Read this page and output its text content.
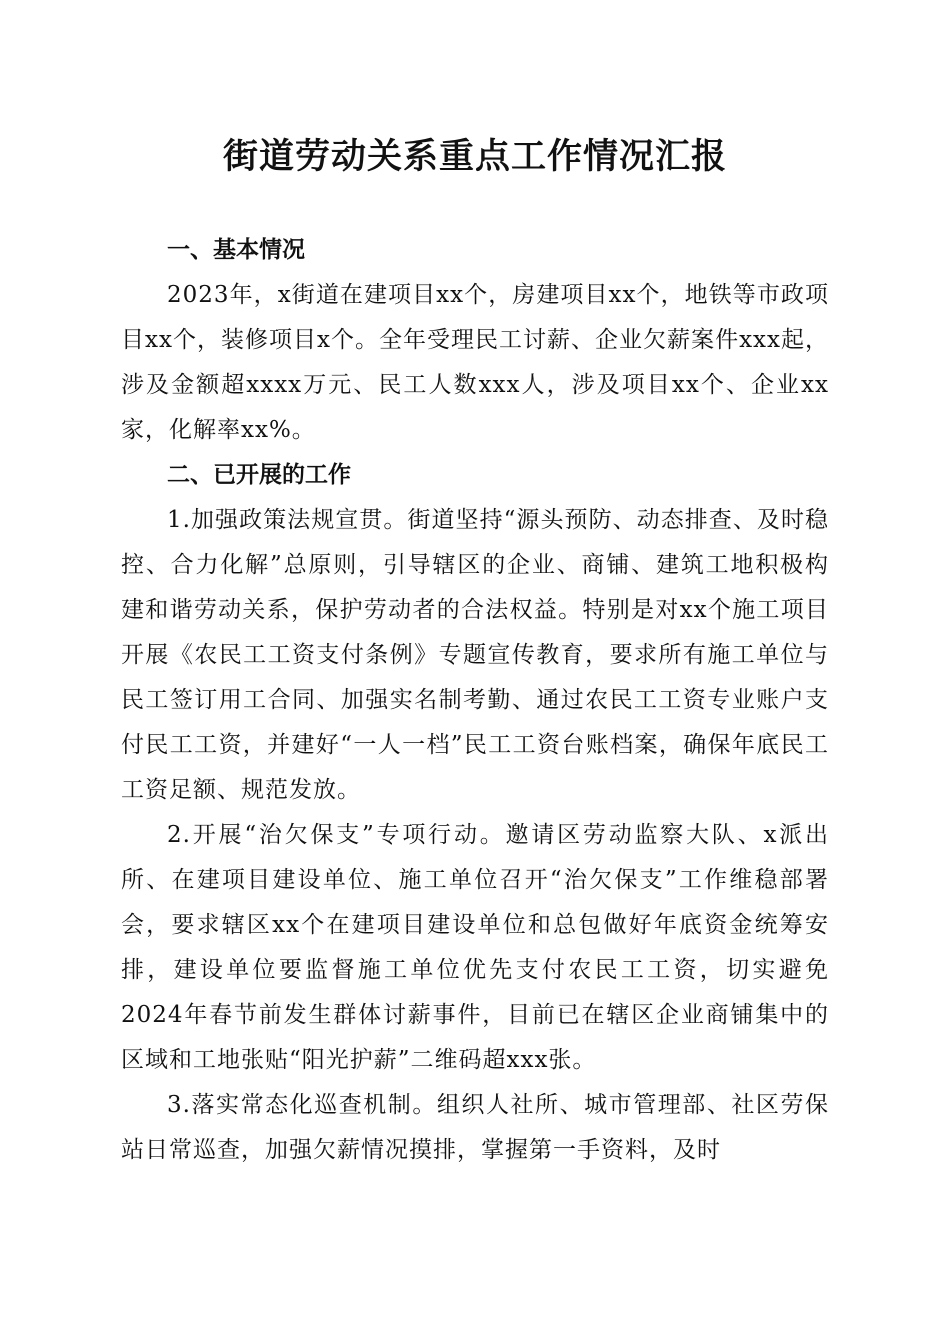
街道劳动关系重点工作情况汇报

一、基本情况

2023年，x街道在建项目xx个，房建项目xx个，地铁等市政项目xx个，装修项目x个。全年受理民工讨薪、企业欠薪案件xxx起，涉及金额超xxxx万元、民工人数xxx人，涉及项目xx个、企业xx家，化解率xx%。

二、已开展的工作

1.加强政策法规宣贯。街道坚持“源头预防、动态排查、及时稳控、合力化解”总原则，引导辖区的企业、商铺、建筑工地积极构建和谐劳动关系，保护劳动者的合法权益。特别是对xx个施工项目开展《农民工工资支付条例》专题宣传教育，要求所有施工单位与民工签订用工合同、加强实名制考勤、通过农民工工资专业账户支付民工工资，并建好“一人一档”民工工资台账档案，确保年底民工工资足额、规范发放。

2.开展“治欠保支”专项行动。邀请区劳动监察大队、x派出所、在建项目建设单位、施工单位召开“治欠保支”工作维稳部署会，要求辖区xx个在建项目建设单位和总包做好年底资金统筹安排，建设单位要监督施工单位优先支付农民工工资，切实避免2024年春节前发生群体讨薪事件，目前已在辖区企业商铺集中的区域和工地张贴“阳光护薪”二维码超xxx张。

3.落实常态化巡查机制。组织人社所、城市管理部、社区劳保站日常巡查，加强欠薪情况摸排，掌握第一手资料，及时
